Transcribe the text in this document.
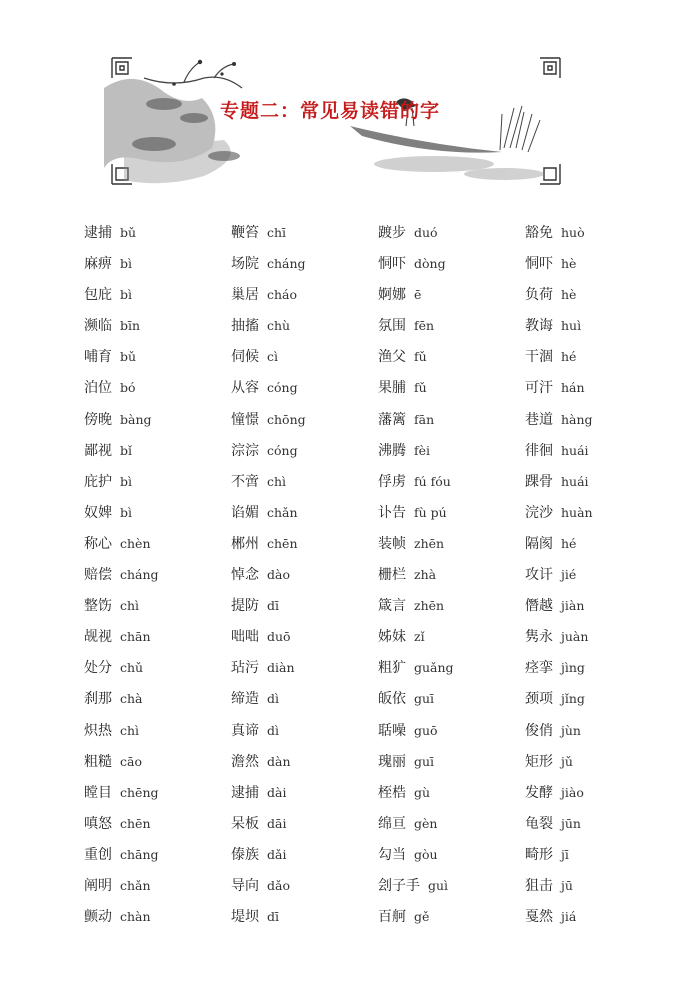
专题二：常见易读错的字
逮捕 bǔ	鞭笞 chī	踱步 duó	豁免 huò
麻痹 bì	场院 cháng	恫吓 dòng	恫吓 hè
包庇 bì	巢居 cháo	婀娜 ē	负荷 hè
濒临 bīn	抽搐 chù	氛围 fēn	教诲 huì
哺育 bǔ	伺候 cì	渔父 fǔ	干涸 hé
泊位 bó	从容 cóng	果脯 fǔ	可汗 hán
傍晚 bàng	憧憬 chōng	藩篱 fān	巷道 hàng
鄙视 bǐ	淙淙 cóng	沸腾 fèi	徘徊 huái
庇护 bì	不啻 chì	俘虏 fú fóu	踝骨 huái
奴婢 bì	谄媚 chǎn	讣告 fù pú	浣沙 huàn
称心 chèn	郴州 chēn	装帧 zhēn	隔阂 hé
赔偿 cháng	悼念 dào	栅栏 zhà	攻讦 jié
整饬 chì	提防 dī	箴言 zhēn	僭越 jiàn
觇视 chān	咄咄 duō	姊妹 zǐ	隽永 juàn
处分 chǔ	玷污 diàn	粗犷 guǎng	痉挛 jìng
刹那 chà	缔造 dì	皈依 guī	颈项 jǐng
炽热 chì	真谛 dì	聒噪 guō	俊俏 jùn
粗糙 cāo	澹然 dàn	瑰丽 guī	矩形 jǔ
瞠目 chēng	逮捕 dài	桎梏 gù	发酵 jiào
嗔怒 chēn	呆板 dāi	绵亘 gèn	龟裂 jūn
重创 chāng	傣族 dǎi	勾当 gòu	畸形 jī
阐明 chǎn	导向 dǎo	刽子手 guì	狙击 jū
颤动 chàn	堤坝 dī	百舸 gě	戛然 jiá
